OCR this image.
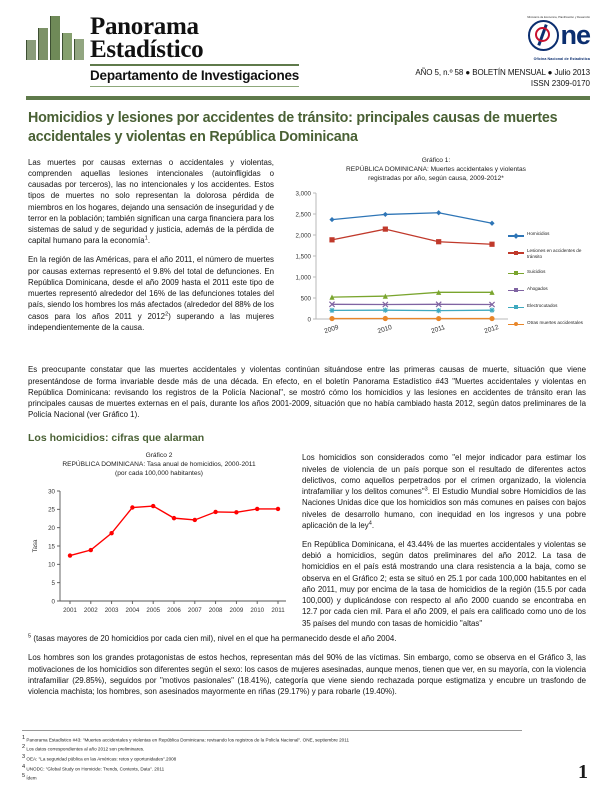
Panorama
Estadístico
Departamento de Investigaciones
Ministerio de Economía, Planificación y Desarrollo
ne
Oficina Nacional de Estadística
AÑO 5, n.º 58 ● BOLETÍN MENSUAL ● Julio 2013
ISSN 2309-0170
Homicidios y lesiones por accidentes de tránsito: principales causas de muertes accidentales y violentas en República Dominicana

Las muertes por causas externas o accidentales y violentas, comprenden aquellas lesiones intencionales (autoinfligidas o causadas por terceros), las no intencionales y los accidentes. Estos tipos de muertes no solo representan la dolorosa pérdida de miembros en los hogares, dejando una sensación de inseguridad y de terror en la población; también significan una carga financiera para los sistemas de salud y de seguridad y justicia, además de la pérdida de capital humano para la economía$^1$.

En la región de las Américas, para el año 2011, el número de muertes por causas externas representó el 9.8% del total de defunciones. En República Dominicana, desde el año 2009 hasta el 2011 este tipo de muertes representó alrededor del 16% de las defunciones totales del país, siendo los hombres los más afectados (alrededor del 88% de los casos para los años 2011 y 2012$^2$) superando a las mujeres independientemente de la causa.

Gráfico 1:
REPÚBLICA DOMINICANA: Muertes accidentales y violentas
registradas por año, según causa, 2009-2012*
0
500
1,000
1,500
2,000
2,500
3,000
2009	2010	2011	2012
Homicidios
Lesiones en accidentes de tránsito
Suicidios
Ahogados
Electrocutados
Otras muertes accidentales

Es preocupante constatar que las muertes accidentales y violentas continúan situándose entre las primeras causas de muerte, situación que viene presentándose de forma invariable desde más de una década. En efecto, en el boletín Panorama Estadístico #43 "Muertes accidentales y violentas en República Dominicana: revisando los registros de la Policía Nacional", se mostró cómo los homicidios y las lesiones en accidentes de tránsito eran las principales causas de muertes externas en el país, durante los años 2001-2009, situación que no había cambiado hasta 2012, según datos preliminares de la Policía Nacional (ver Gráfico 1).

Los homicidios: cifras que alarman
Gráfico 2
REPÚBLICA DOMINICANA: Tasa anual de homicidios, 2000-2011
(por cada 100,000 habitantes)
0
5
10
15
20
25
30
2001 2002 2003 2004 2005 2006 2007 2008 2009 2010 2011
Tasa

Los homicidios son considerados como "el mejor indicador para estimar los niveles de violencia de un país porque son el resultado de diferentes actos delictivos, como aquellos perpetrados por el crimen organizado, la violencia intrafamiliar y los delitos comunes"$^3$. El Estudio Mundial sobre Homicidios de las Naciones Unidas dice que los homicidios son más comunes en países con bajos niveles de desarrollo humano, con inequidad en los ingresos y una pobre aplicación de la ley$^4$.

En República Dominicana, el 43.44% de las muertes accidentales y violentas se debió a homicidios, según datos preliminares del año 2012. La tasa de homicidios en el país está mostrando una clara resistencia a la baja, como se observa en el Gráfico 2; esta se situó en 25.1 por cada 100,000 habitantes en el año 2011, muy por encima de la tasa de homicidios de la región (15.5 por cada 100,000) y duplicándose con respecto al año 2000 cuando se encontraba en 12.7 por cada cien mil. Para el año 2009, el país era calificado como uno de los 35 países del mundo con tasas de homicidio "altas"

$^5$ (tasas mayores de 20 homicidios por cada cien mil), nivel en el que ha permanecido desde el año 2004.

Los hombres son los grandes protagonistas de estos hechos, representan más del 90% de las víctimas. Sin embargo, como se observa en el Gráfico 3, las motivaciones de los homicidios son diferentes según el sexo: los casos de mujeres asesinadas, aunque menos, tienen que ver, en su mayoría, con la violencia intrafamiliar (29.85%), seguidos por "motivos pasionales" (18.41%), categoría que viene siendo rechazada porque estigmatiza y encubre un trasfondo de violencia machista; los hombres, son asesinados mayormente en riñas (29.17%) y para robarle (19.40%).

$^1$ Panorama Estadístico #43: "Muertes accidentales y violentas en República Dominicana: revisando los registros de la Policía Nacional". ONE, septiembre 2011
$^2$ Los datos correspondientes al año 2012 son preliminares.
$^3$ OEA: "La seguridad pública en las Américas: retos y oportunidades".2008
$^4$ UNODC: "Global Study on Homicide: Trends, Contexts, Data". 2011
$^5$ Ídem	1
